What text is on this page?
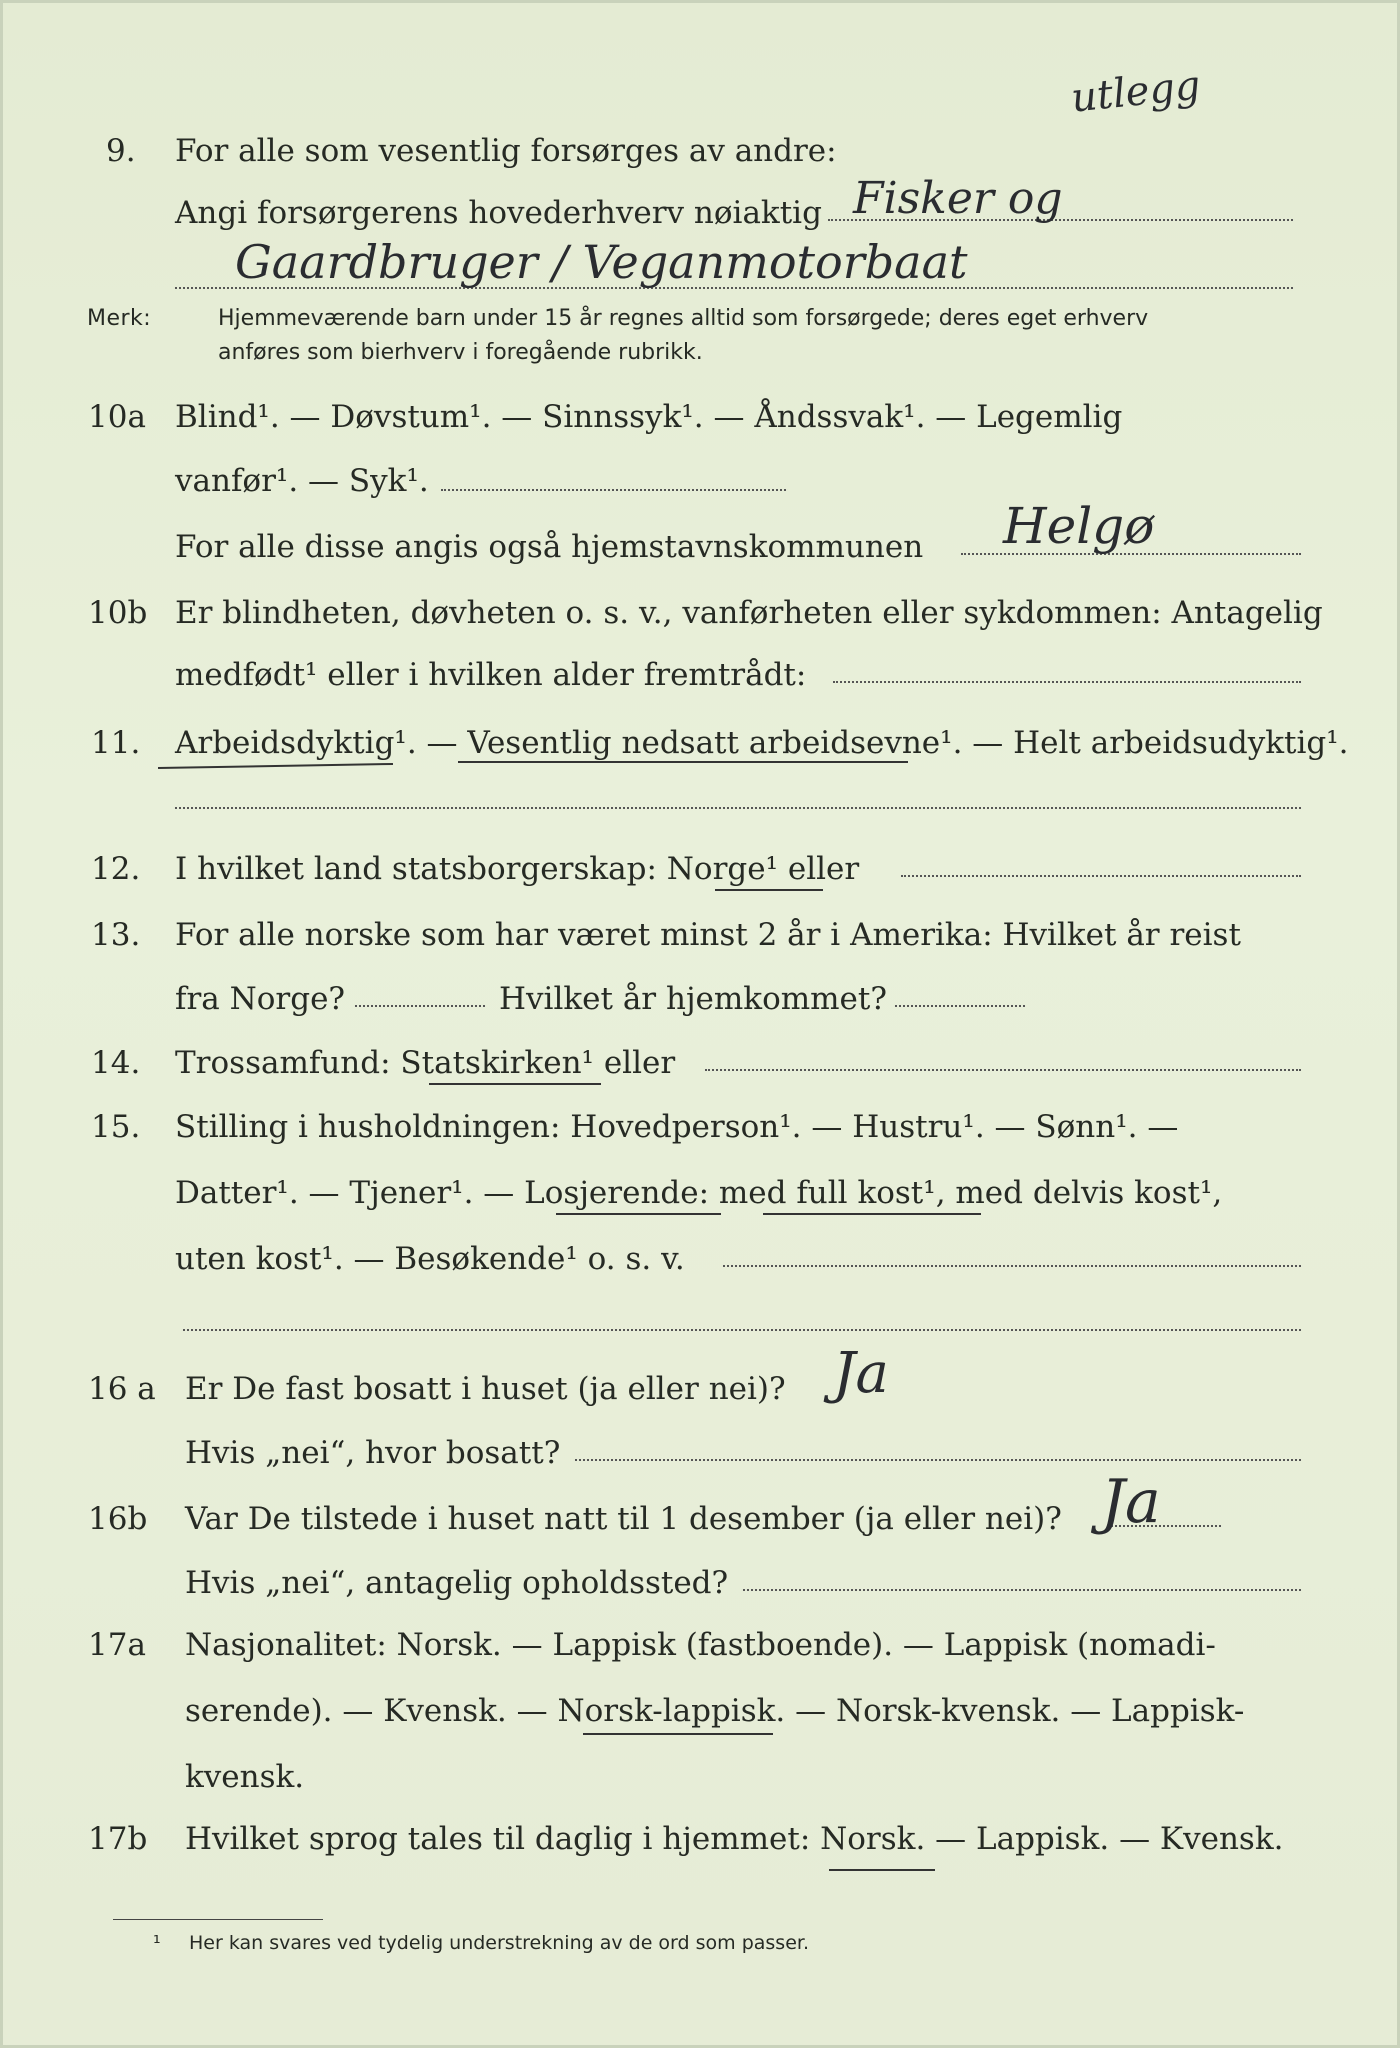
9. For alle som vesentlig forsørges av andre:
utlegg
Angi forsørgerens hovederhverv nøiaktig Fisker og
Gaardbruger / Veganmotorbaat
Merk:	Hjemmeværende barn under 15 år regnes alltid som forsørgede; deres eget erhverv
anføres som bierhverv i foregående rubrikk.
10a Blind¹. — Døvstum¹. — Sinnssyk¹. — Åndssvak¹. — Legemlig
vanfør¹. — Syk¹.
For alle disse angis også hjemstavnskommunen Helgø
10b Er blindheten, døvheten o. s. v., vanførheten eller sykdommen: Antagelig
medfødt¹ eller i hvilken alder fremtrådt:
11. Arbeidsdyktig¹. — Vesentlig nedsatt arbeidsevne¹. — Helt arbeidsudyktig¹.
12. I hvilket land statsborgerskap: Norge¹ eller
13. For alle norske som har været minst 2 år i Amerika: Hvilket år reist
fra Norge?	Hvilket år hjemkommet?
14. Trossamfund: Statskirken¹ eller
15. Stilling i husholdningen: Hovedperson¹. — Hustru¹. — Sønn¹. —
Datter¹. — Tjener¹. — Losjerende: med full kost¹, med delvis kost¹,
uten kost¹. — Besøkende¹ o. s. v.
16 a Er De fast bosatt i huset (ja eller nei)? Ja
Hvis „nei“, hvor bosatt?
16b Var De tilstede i huset natt til 1 desember (ja eller nei)? Ja
Hvis „nei“, antagelig opholdssted?
17a Nasjonalitet: Norsk. — Lappisk (fastboende). — Lappisk (nomadi-
serende). — Kvensk. — Norsk-lappisk. — Norsk-kvensk. — Lappisk-
kvensk.
17b Hvilket sprog tales til daglig i hjemmet: Norsk. — Lappisk. — Kvensk.
¹ Her kan svares ved tydelig understrekning av de ord som passer.
